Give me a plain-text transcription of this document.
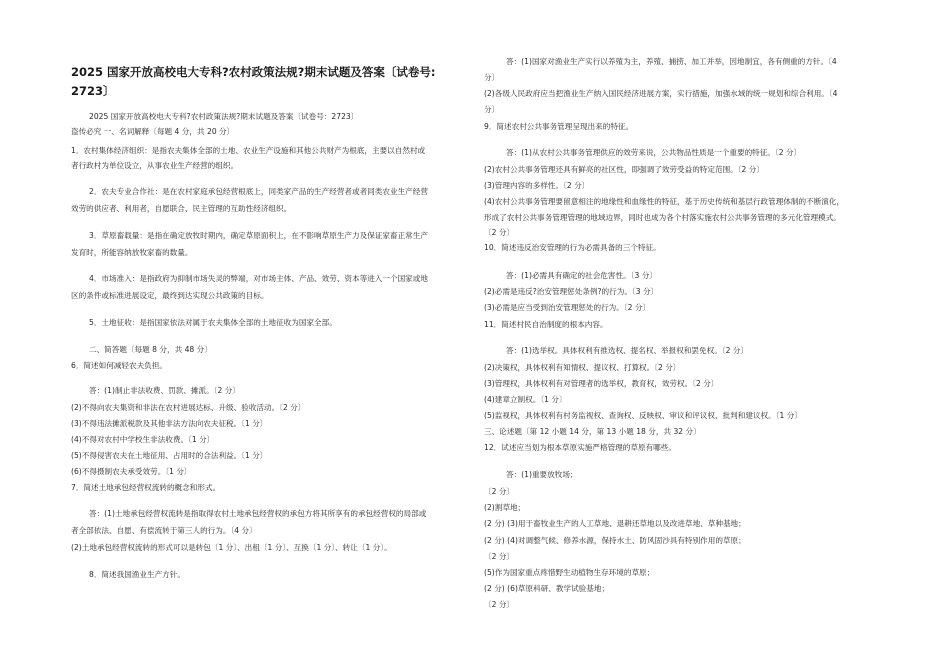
2025 国家开放高校电大专科?农村政策法规?期末试题及答案〔试卷号:
2723〕
2025 国家开放高校电大专科?农村政策法规?期末试题及答案〔试卷号：2723〕
盗传必究 一、名词解释〔每题 4 分，共 20 分〕
1．农村集体经济组织：是指农夫集体全部的土地、农业生产设施和其他公共财产为根底，主要以自然村或
者行政村为单位设立，从事农业生产经营的组织。
2．农夫专业合作社：是在农村家庭承包经营根底上，同类家产品的生产经营者或者同类农业生产经营
效劳的供应者、利用者，自愿联合、民主管理的互助性经济组织。
3．草原畜载量：是指在确定放牧时期内，确定草原面积上，在不影响草原生产力及保证家畜正常生产
发育时，所能容纳放牧家畜的数量。
4．市场准入：是指政府为抑制市场失灵的弊端，对市场主体、产品、效劳、资本等进入一个国家或地
区的条件或标准进展设定，最终到达实现公共政策的目标。
5．土地征收：是指国家依法对属于农夫集体全部的土地征收为国家全部。
二、简答题〔每题 8 分，共 48 分〕
6．简述如何减轻农夫负担。
答：(1)制止非法收费、罚款、摊派。〔2 分〕
(2)不得向农夫集资和非法在农村进展达标、升级、验收活动。〔2 分〕
(3)不得违法摊派税款及其他非法方法向农夫征税。〔1 分〕
(4)不得对农村中学校生非法收费。〔1 分〕
(5)不得侵害农夫在土地征用、占用时的合法利益。〔1 分〕
(6)不得摄制农夫承受效劳。〔1 分〕
7．简述土地承包经营权流转的概念和形式。
答：(1)土地承包经营权流转是指取得农村土地承包经营权的承包方将其所享有的承包经营权的局部或
者全部依法、自愿、有偿流转于第三人的行为。〔4 分〕
(2)土地承包经营权流转的形式可以是转包〔1 分〕、出租〔1 分〕、互换〔1 分〕、转让〔1 分〕。
8．简述我国渔业生产方针。
答：(1)国家对渔业生产实行以养殖为主，养殖、捕捞、加工并举，因地制宜，各有侧重的方针。〔4
分〕
(2)各级人民政府应当把渔业生产纳入国民经济进展方案，实行措施，加强水域的统一规划和综合利用。〔4
分〕
9．简述农村公共事务管理呈现出来的特征。
答：(1)从农村公共事务管理供应的效劳来说，公共物品性质是一个重要的特征。〔2 分〕
(2)农村公共事务管理还具有鲜亮的社区性，即强调了效劳受益的特定范围。〔2 分〕
(3)管理内容的多样性。〔2 分〕
(4)农村公共事务管理要留意相注的地缘性和血缘性的特征，基于历史传统和基层行政管理体制的不断演化，
形成了农村公共事务管理管理的地域边界，同时也成为各个村落实施农村公共事务管理的多元化管理模式。
〔2 分〕
10．简述违反治安管理的行为必需具备的三个特征。
答：(1)必需具有确定的社会危害性。〔3 分〕
(2)必需是违反?治安管理惩处条例?的行为。〔3 分〕
(3)必需是应当受到治安管理惩处的行为。〔2 分〕
11．简述村民自治制度的根本内容。
答：(1)选举权。具体权利有推选权、提名权、举报权和罢免权。〔2 分〕
(2)决策权，具体权利有知情权、提议权、打算权。〔2 分〕
(3)管理权，具体权利有对管理者的选举权，教育权，效劳权。〔2 分〕
(4)建章立制权。〔1 分〕
(5)监视权，具体权利有村务监视权、查询权、反映权、审议和评议权、批判和建议权。〔1 分〕
三、论述题〔第 12 小题 14 分，第 13 小题 18 分，共 32 分〕
12．试述应当划为根本草原实施严格管理的草原有哪些。
答：(1)重要放牧场；
〔2 分〕
(2)割草地；
(2 分) (3)用于畜牧业生产的人工草地、退耕还草地以及改进草地、草种基地；
(2 分) (4)对调整气候、修养水源，保持水土、防风固沙具有特别作用的草原；
〔2 分〕
(5)作为国家重点疼惜野生动植物生存环境的草原；
(2 分) (6)草原科研、教学试验基地；
〔2 分〕
